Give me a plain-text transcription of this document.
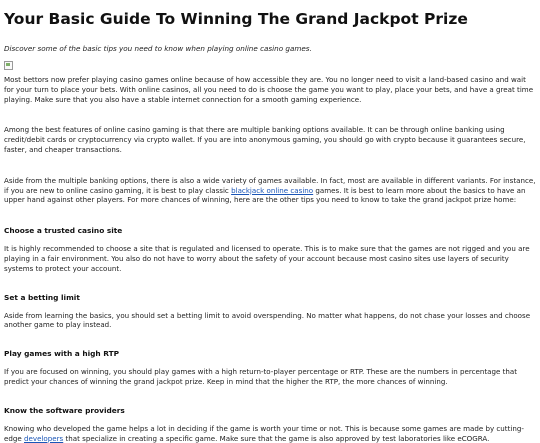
Your Basic Guide To Winning The Grand Jackpot Prize

Discover some of the basic tips you need to know when playing online casino games.

Most bettors now prefer playing casino games online because of how accessible they are. You no longer need to visit a land-based casino and wait for your turn to place your bets. With online casinos, all you need to do is choose the game you want to play, place your bets, and have a great time playing. Make sure that you also have a stable internet connection for a smooth gaming experience.

Among the best features of online casino gaming is that there are multiple banking options available. It can be through online banking using credit/debit cards or cryptocurrency via crypto wallet. If you are into anonymous gaming, you should go with crypto because it guarantees secure, faster, and cheaper transactions.

Aside from the multiple banking options, there is also a wide variety of games available. In fact, most are available in different variants. For instance, if you are new to online casino gaming, it is best to play classic blackjack online casino games. It is best to learn more about the basics to have an upper hand against other players. For more chances of winning, here are the other tips you need to know to take the grand jackpot prize home:

Choose a trusted casino site

It is highly recommended to choose a site that is regulated and licensed to operate. This is to make sure that the games are not rigged and you are playing in a fair environment. You also do not have to worry about the safety of your account because most casino sites use layers of security systems to protect your account.

Set a betting limit

Aside from learning the basics, you should set a betting limit to avoid overspending. No matter what happens, do not chase your losses and choose another game to play instead.

Play games with a high RTP

If you are focused on winning, you should play games with a high return-to-player percentage or RTP. These are the numbers in percentage that predict your chances of winning the grand jackpot prize. Keep in mind that the higher the RTP, the more chances of winning.

Know the software providers

Knowing who developed the game helps a lot in deciding if the game is worth your time or not. This is because some games are made by cutting-edge developers that specialize in creating a specific game. Make sure that the game is also approved by test laboratories like eCOGRA.
